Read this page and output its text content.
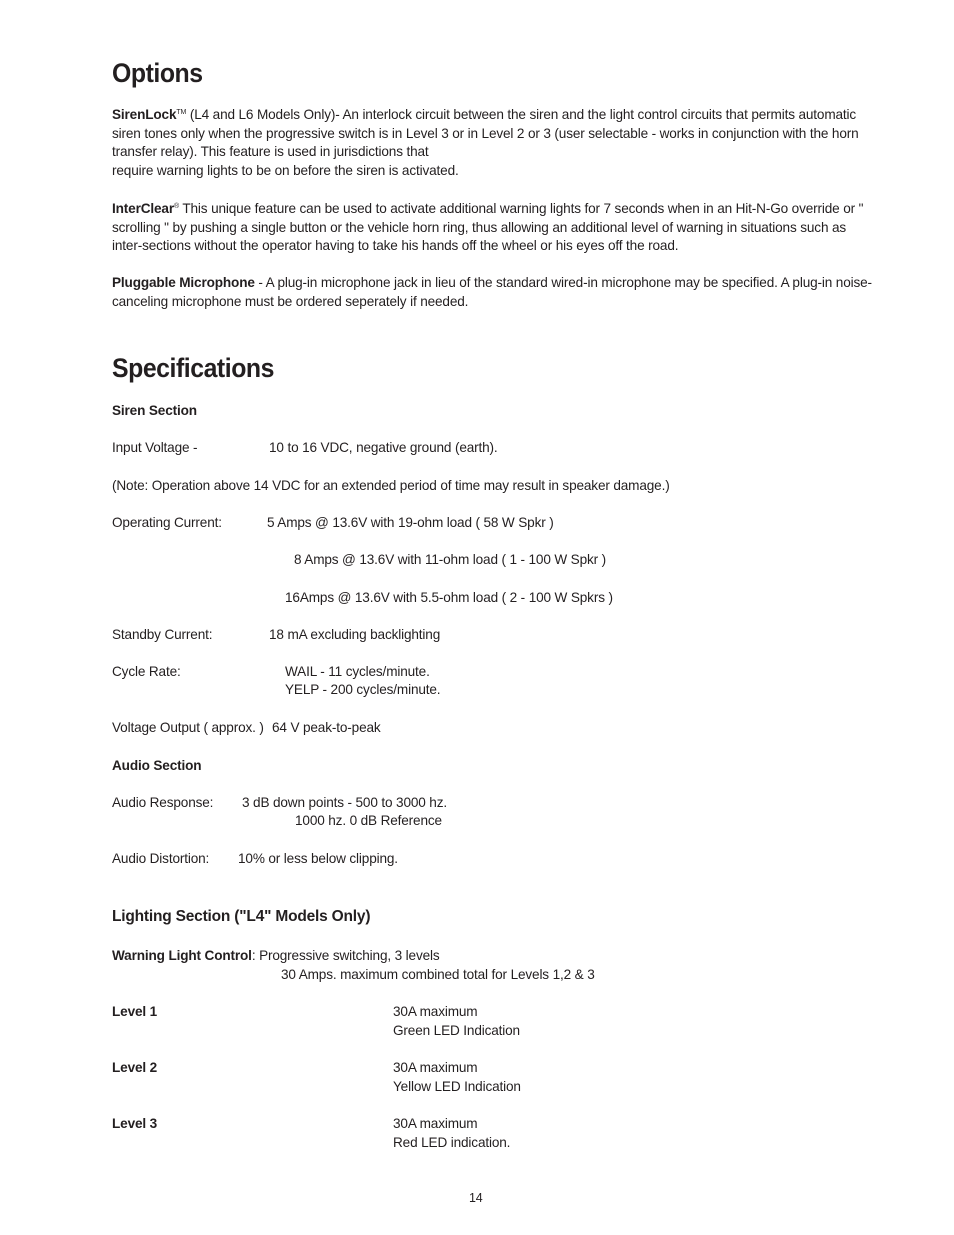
Options

SirenLock™ (L4 and L6 Models Only)- An interlock circuit between the siren and the light control circuits that permits automatic siren tones only when the progressive switch is in Level 3 or in Level 2 or 3 (user selectable - works in conjunction with the horn transfer relay). This feature is used in jurisdictions that

require warning lights to be on before the siren is activated.

InterClear® This unique feature can be used to activate additional warning lights for 7 seconds when in an Hit-N-Go override or " scrolling " by pushing a single button or the vehicle horn ring, thus allowing an additional level of warning in situations such as inter-sections without the operator having to take his hands off the wheel or his eyes off the road.

Pluggable Microphone - A plug-in microphone jack in lieu of the standard wired-in microphone may be specified. A plug-in noise-canceling microphone must be ordered seperately if needed.

Specifications
Siren Section
Input Voltage -	10 to 16 VDC, negative ground (earth).
(Note: Operation above 14 VDC for an extended period of time may result in speaker damage.)
Operating Current:	5 Amps @ 13.6V with 19-ohm load ( 58 W Spkr )
8 Amps @ 13.6V with 11-ohm load ( 1 - 100 W Spkr )
16Amps @ 13.6V with 5.5-ohm load ( 2 - 100 W Spkrs )
Standby Current:	18 mA excluding backlighting
Cycle Rate:	WAIL - 11 cycles/minute.
YELP - 200 cycles/minute.
Voltage Output ( approx. ) 64 V peak-to-peak
Audio Section
Audio Response: 3 dB down points - 500 to 3000 hz.
1000 hz. 0 dB Reference
Audio Distortion: 10% or less below clipping.
Lighting Section ("L4" Models Only)
Warning Light Control: Progressive switching, 3 levels
30 Amps. maximum combined total for Levels 1,2 & 3
Level 1	30A maximum
Green LED Indication
Level 2	30A maximum
Yellow LED Indication
Level 3	30A maximum
Red LED indication.
14
